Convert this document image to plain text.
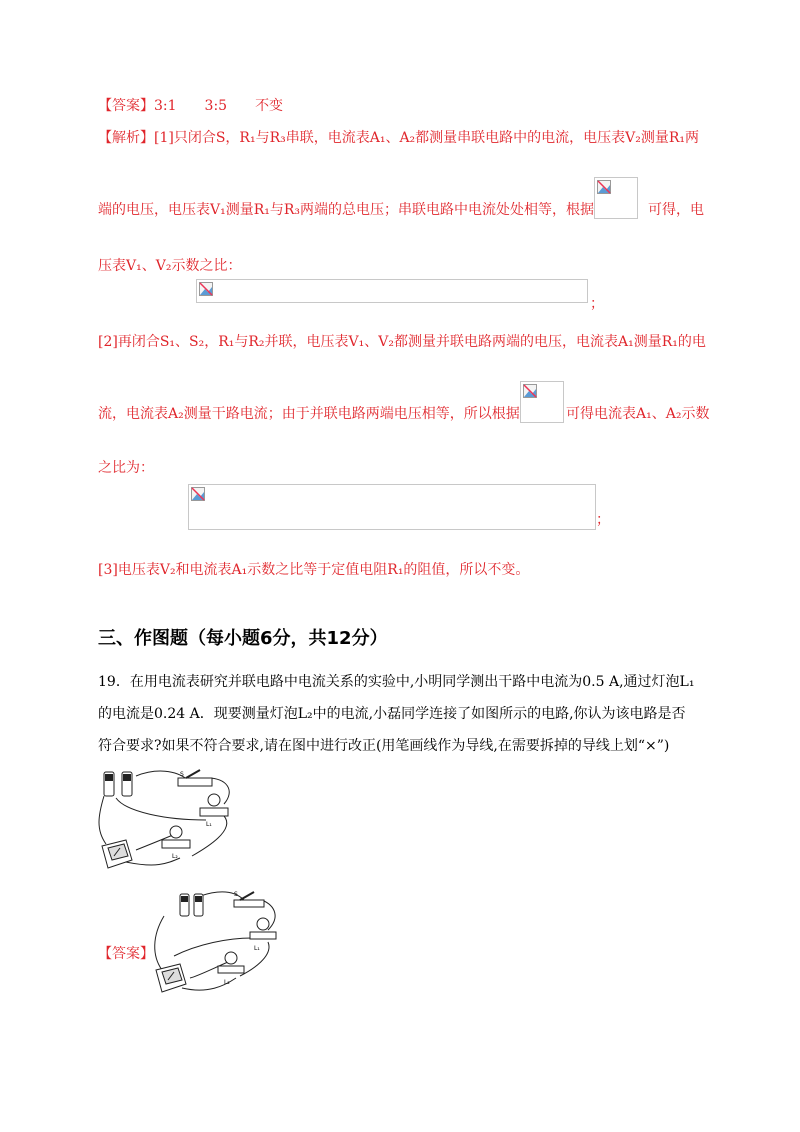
【答案】3:1 3:5 不变
【解析】[1]只闭合S，R₁与R₃串联，电流表A₁、A₂都测量串联电路中的电流，电压表V₂测量R₁两
端的电压，电压表V₁测量R₁与R₃两端的总电压；串联电路中电流处处相等，根据	可得，电
压表V₁、V₂示数之比：
；
[2]再闭合S₁、S₂，R₁与R₂并联，电压表V₁、V₂都测量并联电路两端的电压，电流表A₁测量R₁的电
流，电流表A₂测量干路电流；由于并联电路两端电压相等，所以根据	可得电流表A₁、A₂示数
之比为：
；
[3]电压表V₂和电流表A₁示数之比等于定值电阻R₁的阻值，所以不变。
三、作图题（每小题6分，共12分）
19．在用电流表研究并联电路中电流关系的实验中,小明同学测出干路中电流为0.5 A,通过灯泡L₁
的电流是0.24 A．现要测量灯泡L₂中的电流,小磊同学连接了如图所示的电路,你认为该电路是否
符合要求?如果不符合要求,请在图中进行改正(用笔画线作为导线,在需要拆掉的导线上划“×”)
S
L₁
L₂
【答案】
S
L₁
L₂
